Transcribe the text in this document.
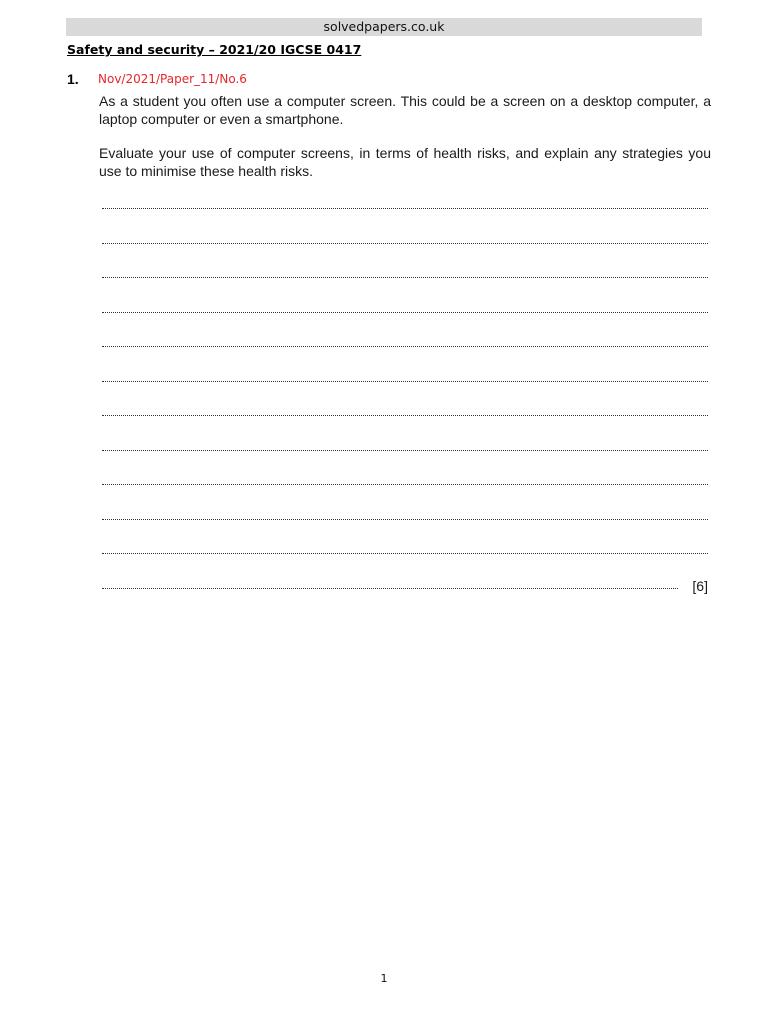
solvedpapers.co.uk
Safety and security – 2021/20 IGCSE 0417
1. Nov/2021/Paper_11/No.6

As a student you often use a computer screen. This could be a screen on a desktop computer, a laptop computer or even a smartphone.

Evaluate your use of computer screens, in terms of health risks, and explain any strategies you use to minimise these health risks.

[6]
1
